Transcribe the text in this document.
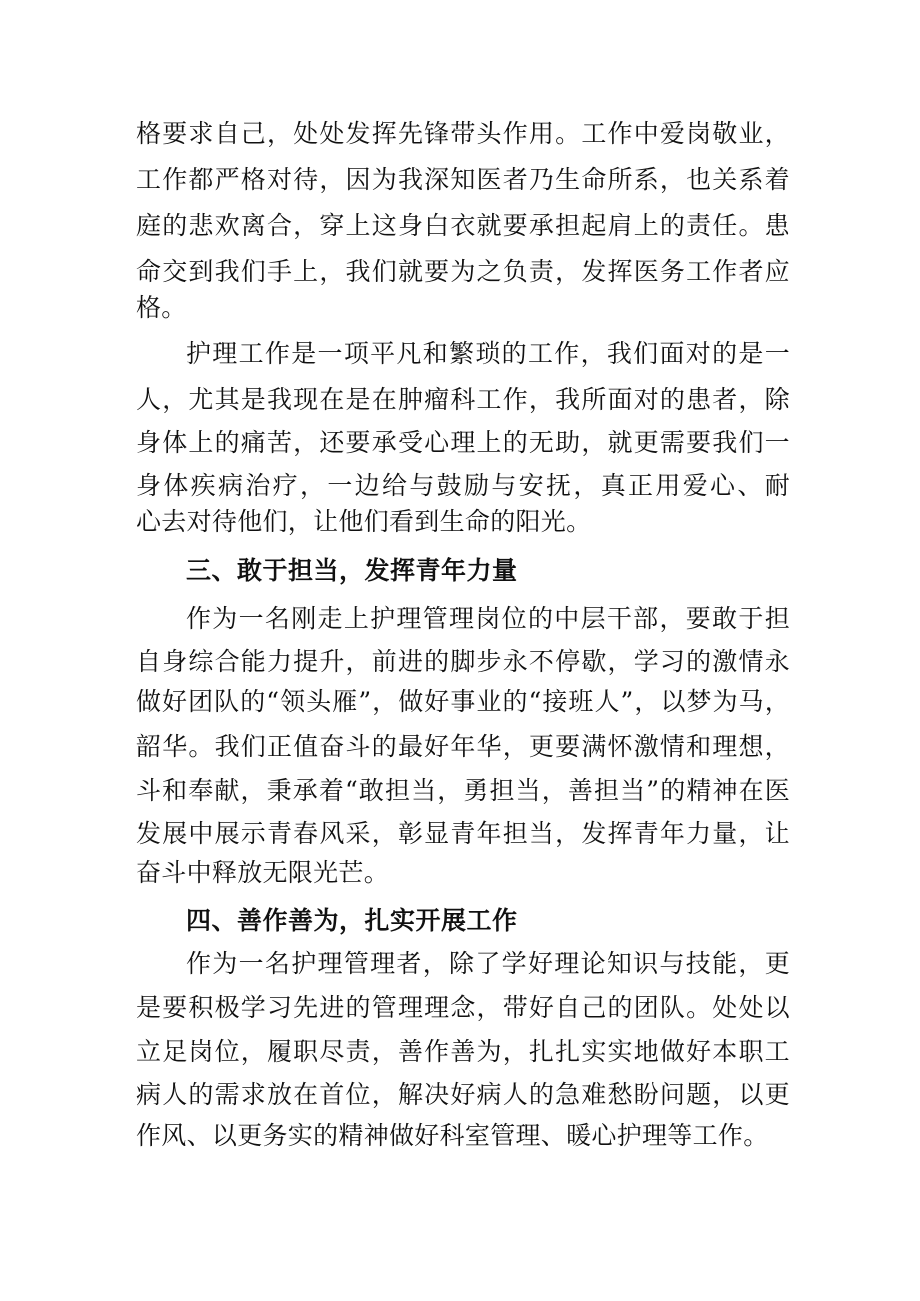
格要求自己，处处发挥先锋带头作用。工作中爱岗敬业，
工作都严格对待，因为我深知医者乃生命所系，也关系着
庭的悲欢离合，穿上这身白衣就要承担起肩上的责任。患
命交到我们手上，我们就要为之负责，发挥医务工作者应
格。
护理工作是一项平凡和繁琐的工作，我们面对的是一
人，尤其是我现在是在肿瘤科工作，我所面对的患者，除
身体上的痛苦，还要承受心理上的无助，就更需要我们一
身体疾病治疗，一边给与鼓励与安抚，真正用爱心、耐
心去对待他们，让他们看到生命的阳光。
三、敢于担当，发挥青年力量
作为一名刚走上护理管理岗位的中层干部，要敢于担
自身综合能力提升，前进的脚步永不停歇，学习的激情永
做好团队的“领头雁”，做好事业的“接班人”，以梦为马，
韶华。我们正值奋斗的最好年华，更要满怀激情和理想，
斗和奉献，秉承着“敢担当，勇担当，善担当”的精神在医
发展中展示青春风采，彰显青年担当，发挥青年力量，让
奋斗中释放无限光芒。
四、善作善为，扎实开展工作
作为一名护理管理者，除了学好理论知识与技能，更
是要积极学习先进的管理理念，带好自己的团队。处处以
立足岗位，履职尽责，善作善为，扎扎实实地做好本职工
病人的需求放在首位，解决好病人的急难愁盼问题，以更
作风、以更务实的精神做好科室管理、暖心护理等工作。
